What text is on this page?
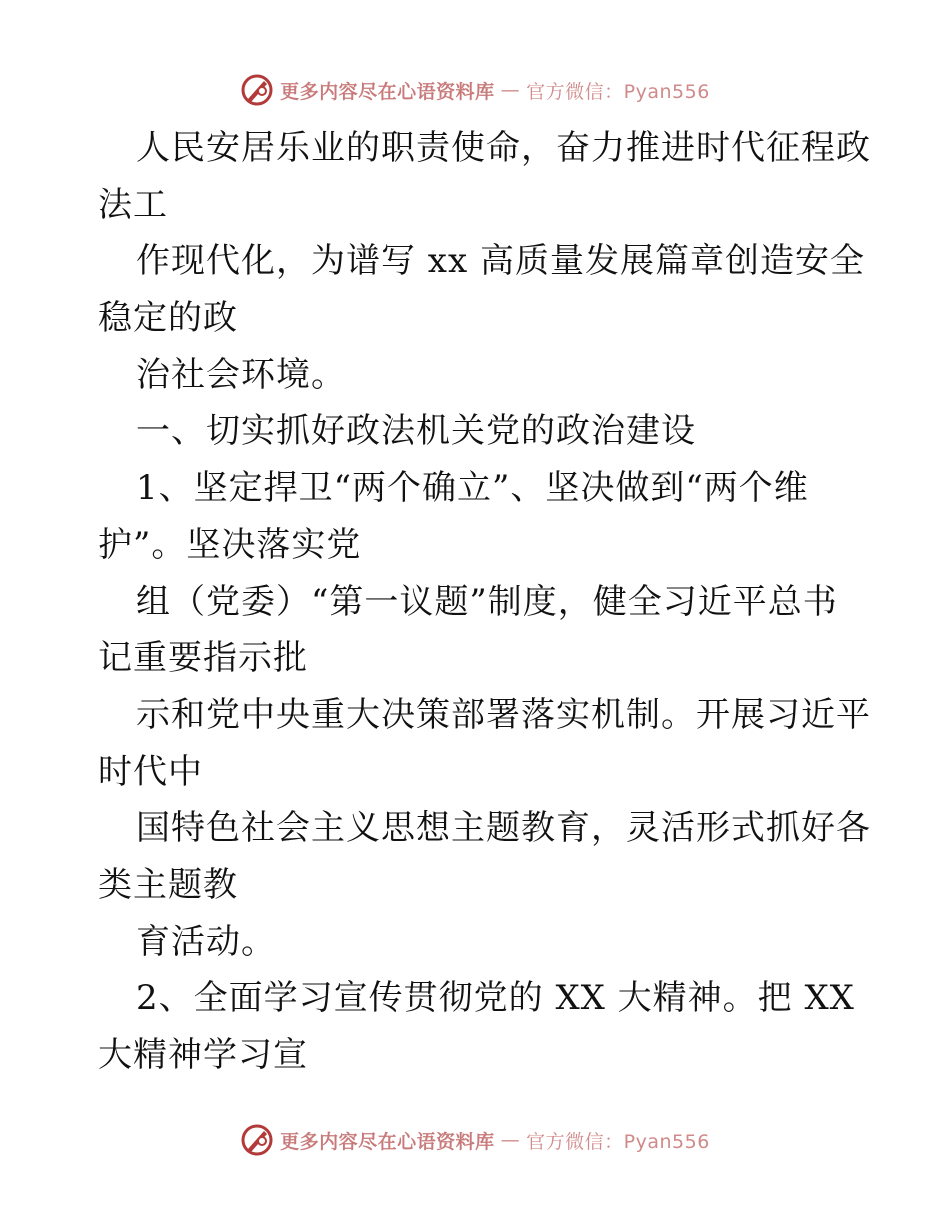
更多内容尽在心语资料库 — 官方微信：Pyan556
人民安居乐业的职责使命，奋力推进时代征程政
法工
作现代化，为谱写 xx 高质量发展篇章创造安全
稳定的政
治社会环境。
一、切实抓好政法机关党的政治建设
1、坚定捍卫“两个确立”、坚决做到“两个维
护”。坚决落实党
组（党委）“第一议题”制度，健全习近平总书
记重要指示批
示和党中央重大决策部署落实机制。开展习近平
时代中
国特色社会主义思想主题教育，灵活形式抓好各
类主题教
育活动。
2、全面学习宣传贯彻党的 XX 大精神。把 XX
大精神学习宣
更多内容尽在心语资料库 — 官方微信：Pyan556
